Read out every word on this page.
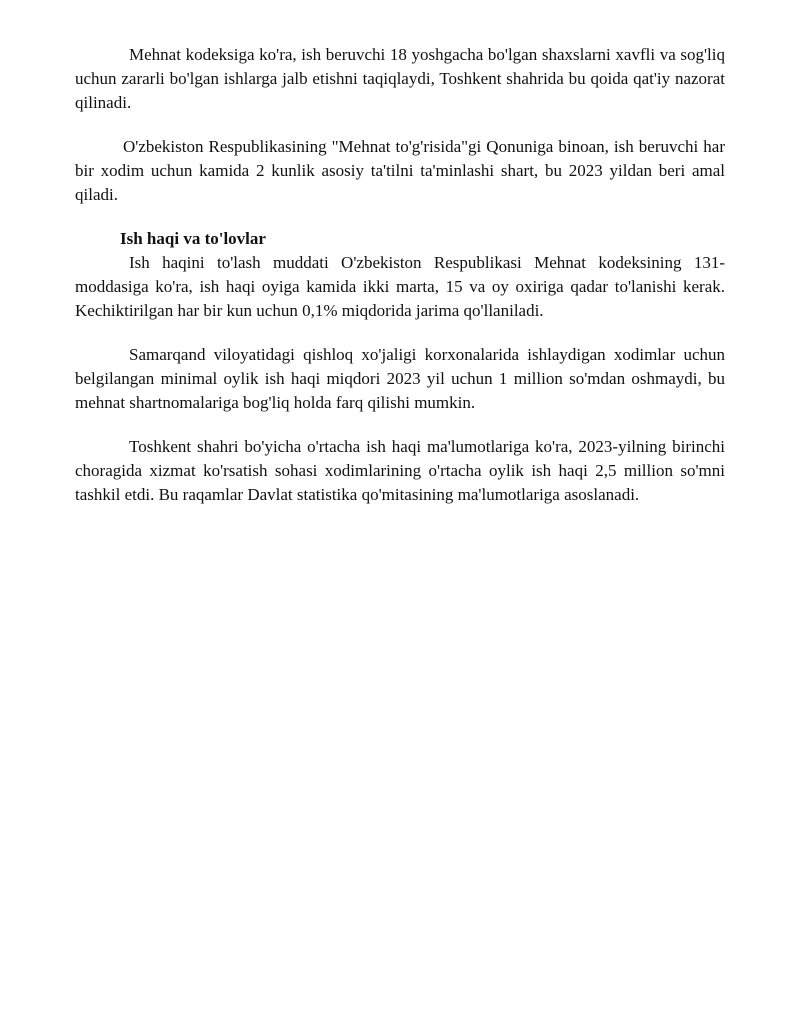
Mehnat kodeksiga ko'ra, ish beruvchi 18 yoshgacha bo'lgan shaxslarni xavfli va sog'liq uchun zararli bo'lgan ishlarga jalb etishni taqiqlaydi, Toshkent shahrida bu qoida qat'iy nazorat qilinadi.

O'zbekiston Respublikasining "Mehnat to'g'risida"gi Qonuniga binoan, ish beruvchi har bir xodim uchun kamida 2 kunlik asosiy ta'tilni ta'minlashi shart, bu 2023 yildan beri amal qiladi.

Ish haqi va to'lovlar

Ish haqini to'lash muddati O'zbekiston Respublikasi Mehnat kodeksining 131-moddasiga ko'ra, ish haqi oyiga kamida ikki marta, 15 va oy oxiriga qadar to'lanishi kerak. Kechiktirilgan har bir kun uchun 0,1% miqdorida jarima qo'llaniladi.

Samarqand viloyatidagi qishloq xo'jaligi korxonalarida ishlaydigan xodimlar uchun belgilangan minimal oylik ish haqi miqdori 2023 yil uchun 1 million so'mdan oshmaydi, bu mehnat shartnomalariga bog'liq holda farq qilishi mumkin.

Toshkent shahri bo'yicha o'rtacha ish haqi ma'lumotlariga ko'ra, 2023-yilning birinchi choragida xizmat ko'rsatish sohasi xodimlarining o'rtacha oylik ish haqi 2,5 million so'mni tashkil etdi. Bu raqamlar Davlat statistika qo'mitasining ma'lumotlariga asoslanadi.
